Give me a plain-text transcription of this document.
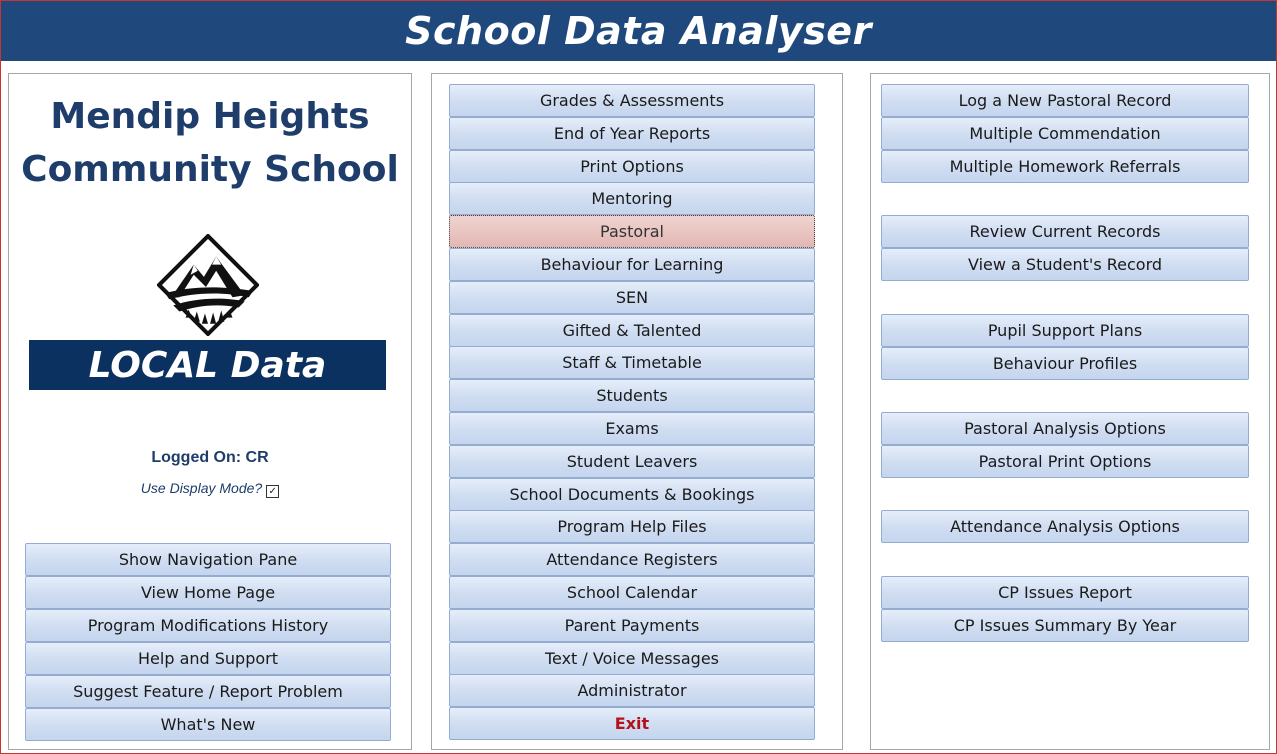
School Data Analyser
Mendip Heights
Community School
LOCAL Data
Logged On: CR
Use Display Mode? ✓
Show Navigation Pane
View Home Page
Program Modifications History
Help and Support
Suggest Feature / Report Problem
What's New
Grades & Assessments
End of Year Reports
Print Options
Mentoring
Pastoral
Behaviour for Learning
SEN
Gifted & Talented
Staff & Timetable
Students
Exams
Student Leavers
School Documents & Bookings
Program Help Files
Attendance Registers
School Calendar
Parent Payments
Text / Voice Messages
Administrator
Exit
Log a New Pastoral Record
Multiple Commendation
Multiple Homework Referrals
Review Current Records
View a Student's Record
Pupil Support Plans
Behaviour Profiles
Pastoral Analysis Options
Pastoral Print Options
Attendance Analysis Options
CP Issues Report
CP Issues Summary By Year
